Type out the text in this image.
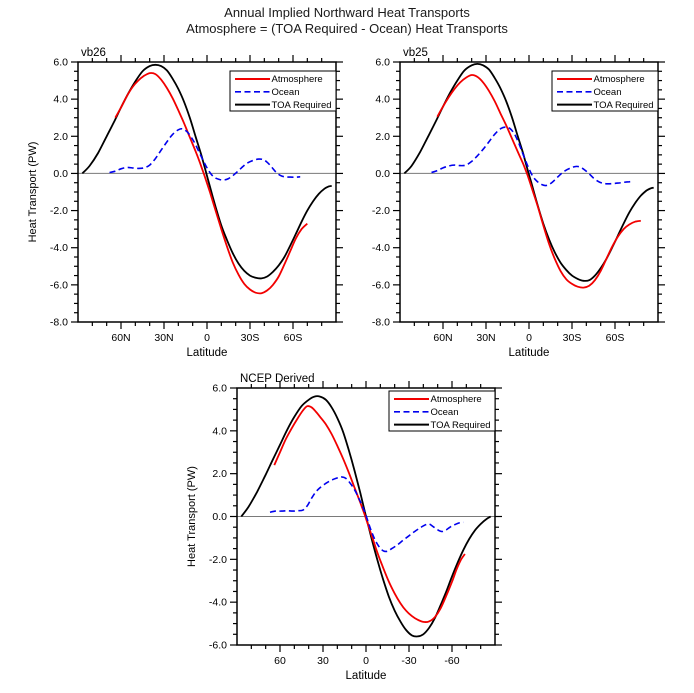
-8.0
-6.0
-4.0
-2.0
0.0
2.0
4.0
6.0
60N 30N	0	30S 60S
Atmosphere
Ocean
TOA Required
vb26
Latitude
Heat Transport (PW)
-8.0
-6.0
-4.0
-2.0
0.0
2.0
4.0
6.0
60N 30N	0	30S 60S
Atmosphere
Ocean
TOA Required
vb25
Latitude
-6.0
-4.0
-2.0
0.0
2.0
4.0
6.0
60	30	0	-30	-60
Atmosphere
Ocean
TOA Required
NCEP Derived
Latitude
Heat Transport (PW)
Annual Implied Northward Heat Transports
Atmosphere = (TOA Required - Ocean) Heat Transports
